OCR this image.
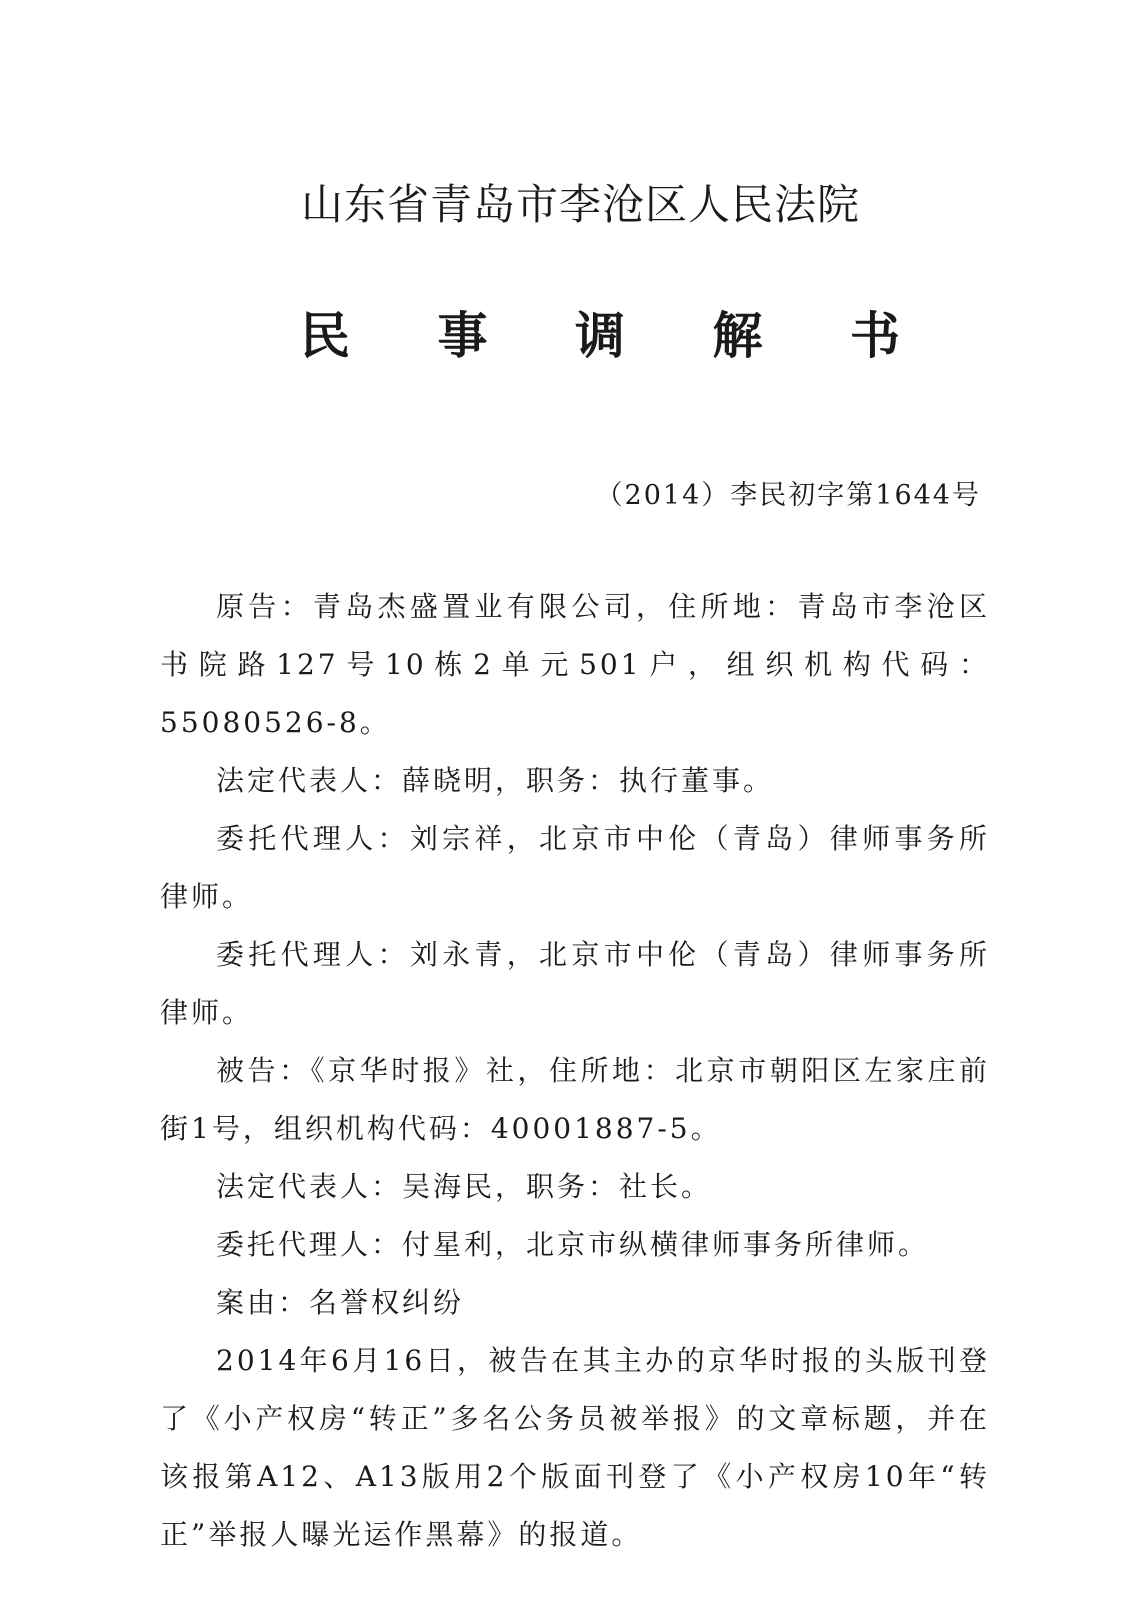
山东省青岛市李沧区人民法院
民 事 调 解 书
（2014）李民初字第1644号

原告：青岛杰盛置业有限公司，住所地：青岛市李沧区书院路127号10栋2单元501户，组织机构代码：55080526-8。

法定代表人：薛晓明，职务：执行董事。

委托代理人：刘宗祥，北京市中伦（青岛）律师事务所律师。

委托代理人：刘永青，北京市中伦（青岛）律师事务所律师。

被告：《京华时报》社，住所地：北京市朝阳区左家庄前街1号，组织机构代码：40001887-5。

法定代表人：吴海民，职务：社长。

委托代理人：付星利，北京市纵横律师事务所律师。

案由：名誉权纠纷

2014年6月16日，被告在其主办的京华时报的头版刊登了《小产权房“转正”多名公务员被举报》的文章标题，并在该报第A12、A13版用2个版面刊登了《小产权房10年“转正”举报人曝光运作黑幕》的报道。
